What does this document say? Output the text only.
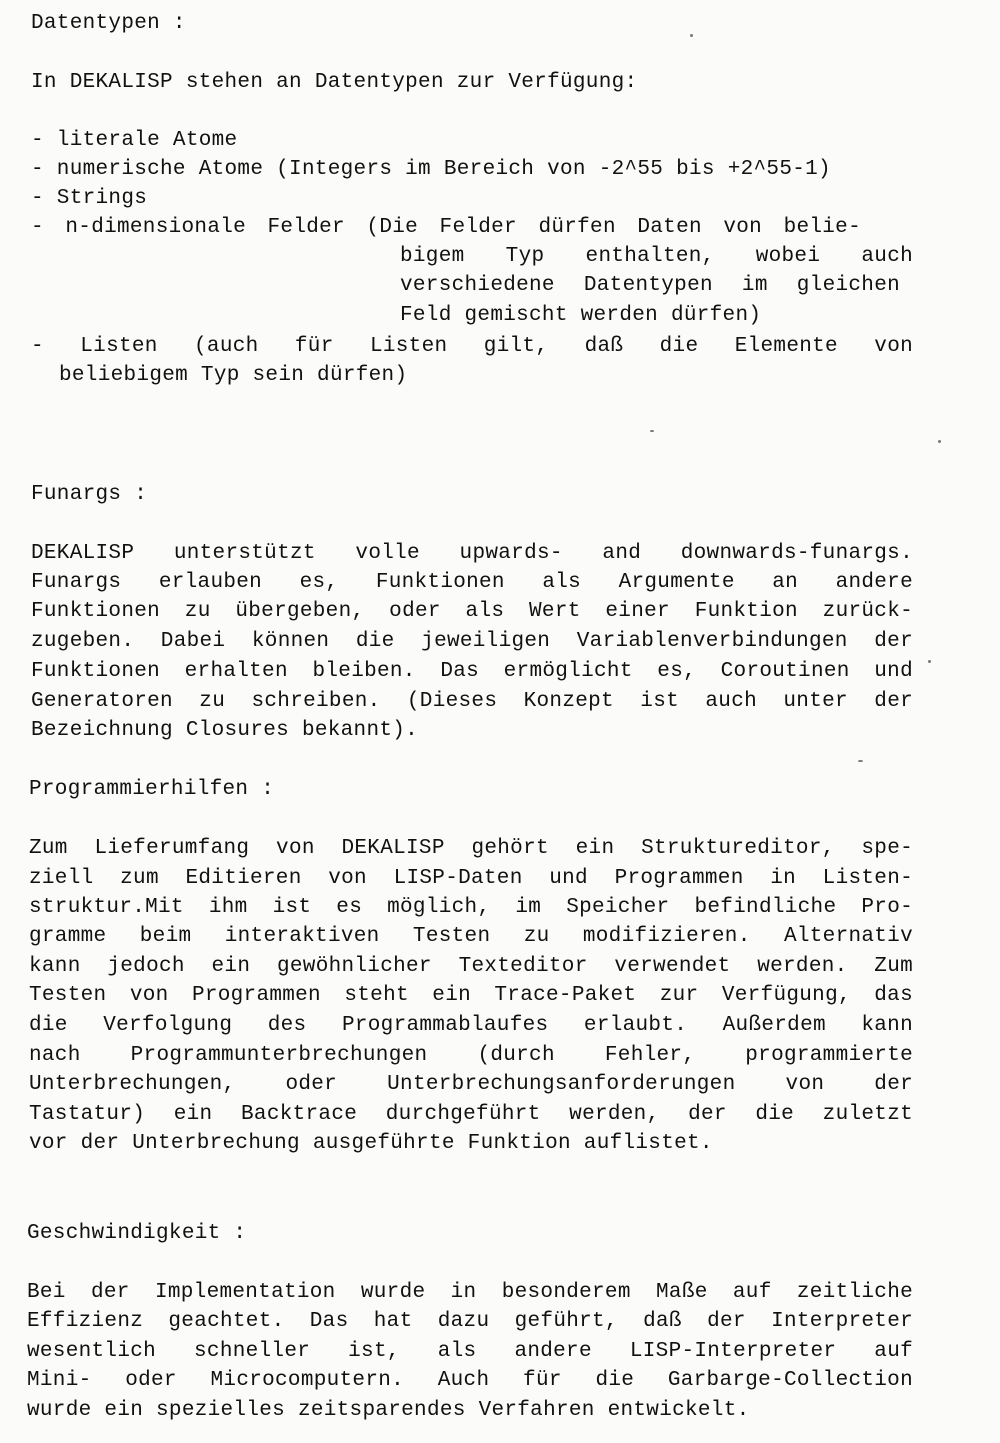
Datentypen :

In DEKALISP stehen an Datentypen zur Verfügung:

- literale Atome

- numerische Atome (Integers im Bereich von -2^55 bis +2^55-1)

- Strings

- n-dimensionale Felder (Die Felder dürfen Daten von belie-

bigem Typ enthalten, wobei auch

verschiedene Datentypen im gleichen

Feld gemischt werden dürfen)

- Listen (auch für Listen gilt, daß die Elemente von

beliebigem Typ sein dürfen)

Funargs :

DEKALISP unterstützt volle upwards- and downwards-funargs.

Funargs erlauben es, Funktionen als Argumente an andere

Funktionen zu übergeben, oder als Wert einer Funktion zurück-

zugeben. Dabei können die jeweiligen Variablenverbindungen der

Funktionen erhalten bleiben. Das ermöglicht es, Coroutinen und

Generatoren zu schreiben. (Dieses Konzept ist auch unter der

Bezeichnung Closures bekannt).

Programmierhilfen :

Zum Lieferumfang von DEKALISP gehört ein Struktureditor, spe-

ziell zum Editieren von LISP-Daten und Programmen in Listen-

struktur.Mit ihm ist es möglich, im Speicher befindliche Pro-

gramme beim interaktiven Testen zu modifizieren. Alternativ

kann jedoch ein gewöhnlicher Texteditor verwendet werden. Zum

Testen von Programmen steht ein Trace-Paket zur Verfügung, das

die Verfolgung des Programmablaufes erlaubt. Außerdem kann

nach Programmunterbrechungen (durch Fehler, programmierte

Unterbrechungen, oder Unterbrechungsanforderungen von der

Tastatur) ein Backtrace durchgeführt werden, der die zuletzt

vor der Unterbrechung ausgeführte Funktion auflistet.

Geschwindigkeit :

Bei der Implementation wurde in besonderem Maße auf zeitliche

Effizienz geachtet. Das hat dazu geführt, daß der Interpreter

wesentlich schneller ist, als andere LISP-Interpreter auf

Mini- oder Microcomputern. Auch für die Garbarge-Collection

wurde ein spezielles zeitsparendes Verfahren entwickelt.
